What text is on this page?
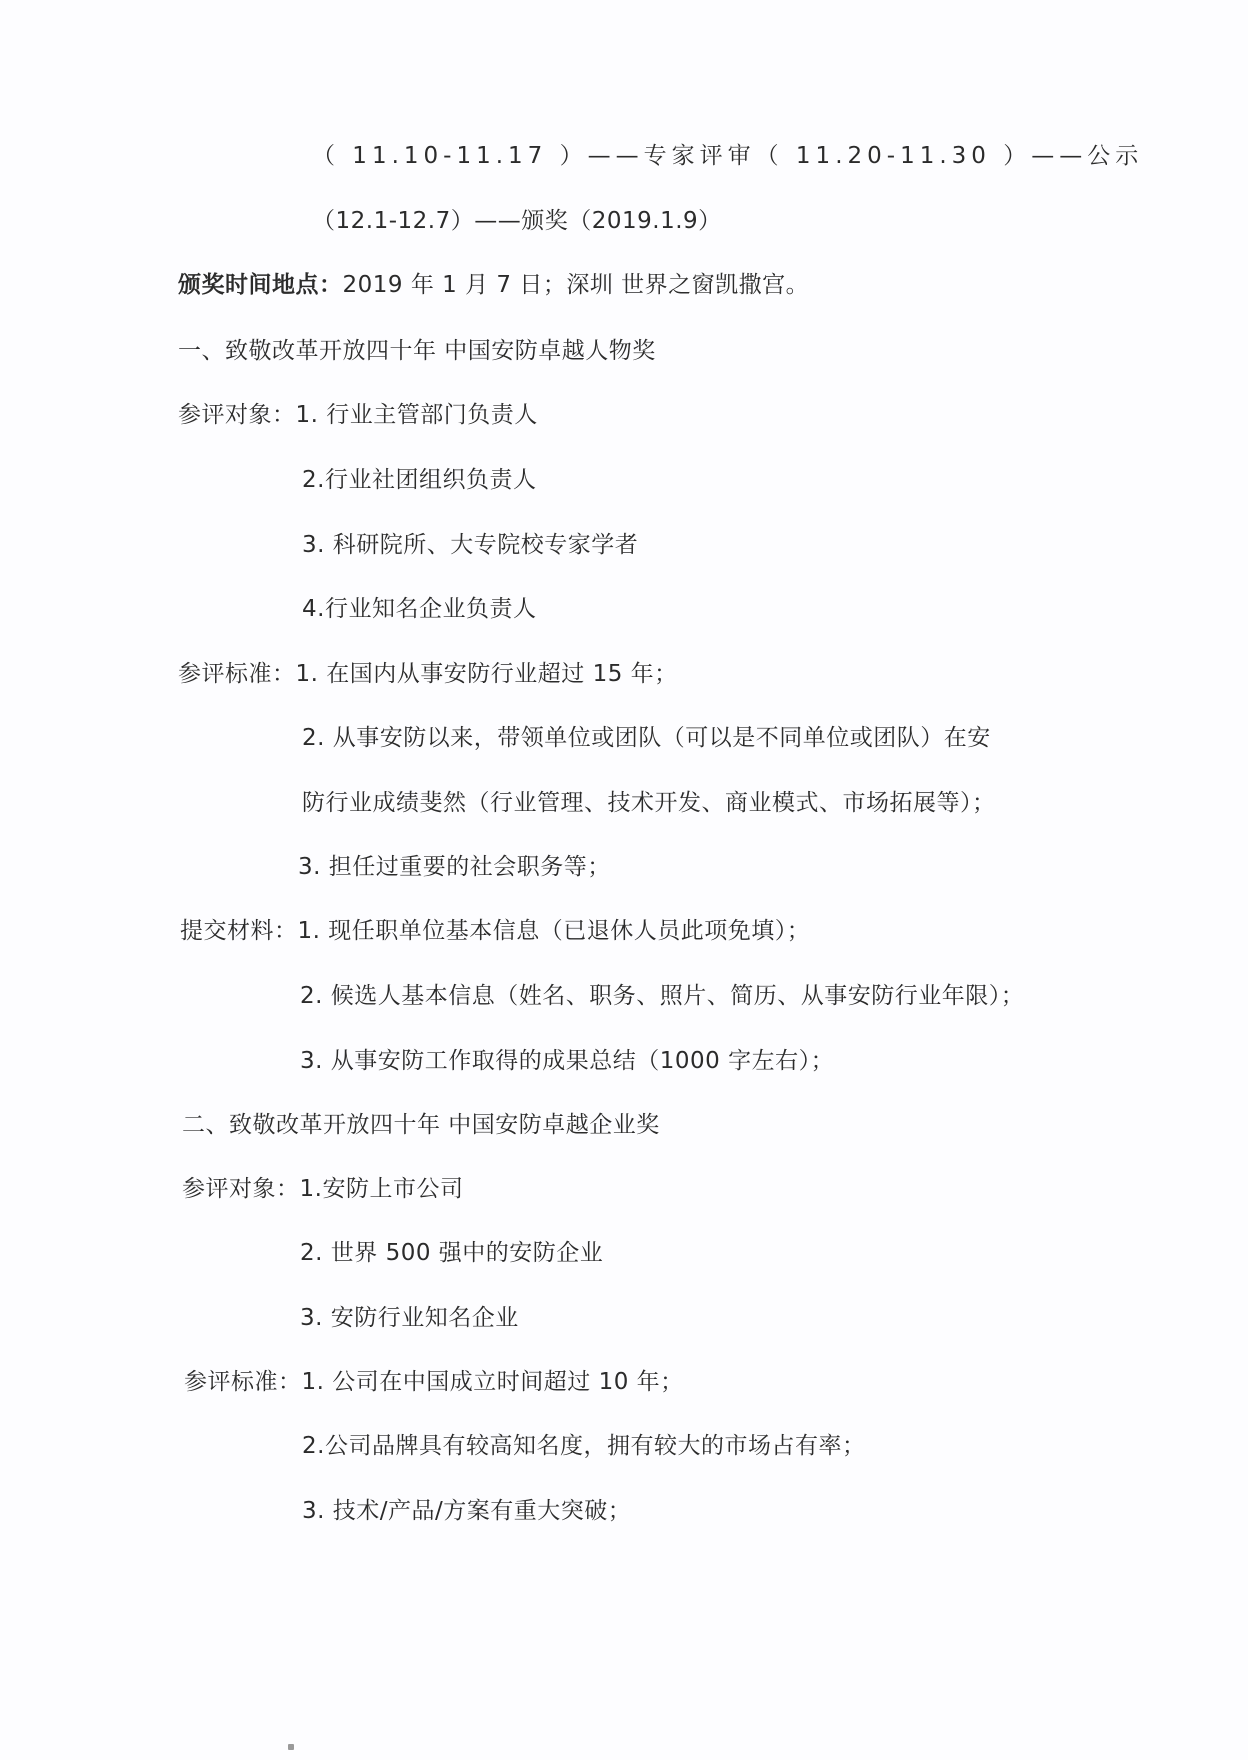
（ 11.10-11.17 ）——专家评审（ 11.20-11.30 ）——公示
（12.1-12.7）——颁奖（2019.1.9）
颁奖时间地点：2019 年 1 月 7 日；深圳 世界之窗凯撒宫。
一、致敬改革开放四十年 中国安防卓越人物奖
参评对象：1. 行业主管部门负责人
2.行业社团组织负责人
3. 科研院所、大专院校专家学者
4.行业知名企业负责人
参评标准：1. 在国内从事安防行业超过 15 年；
2. 从事安防以来，带领单位或团队（可以是不同单位或团队）在安
防行业成绩斐然（行业管理、技术开发、商业模式、市场拓展等）；
3. 担任过重要的社会职务等；
提交材料：1. 现任职单位基本信息（已退休人员此项免填）；
2. 候选人基本信息（姓名、职务、照片、简历、从事安防行业年限）；
3. 从事安防工作取得的成果总结（1000 字左右）；
二、致敬改革开放四十年 中国安防卓越企业奖
参评对象：1.安防上市公司
2. 世界 500 强中的安防企业
3. 安防行业知名企业
参评标准：1. 公司在中国成立时间超过 10 年；
2.公司品牌具有较高知名度，拥有较大的市场占有率；
3. 技术/产品/方案有重大突破；
